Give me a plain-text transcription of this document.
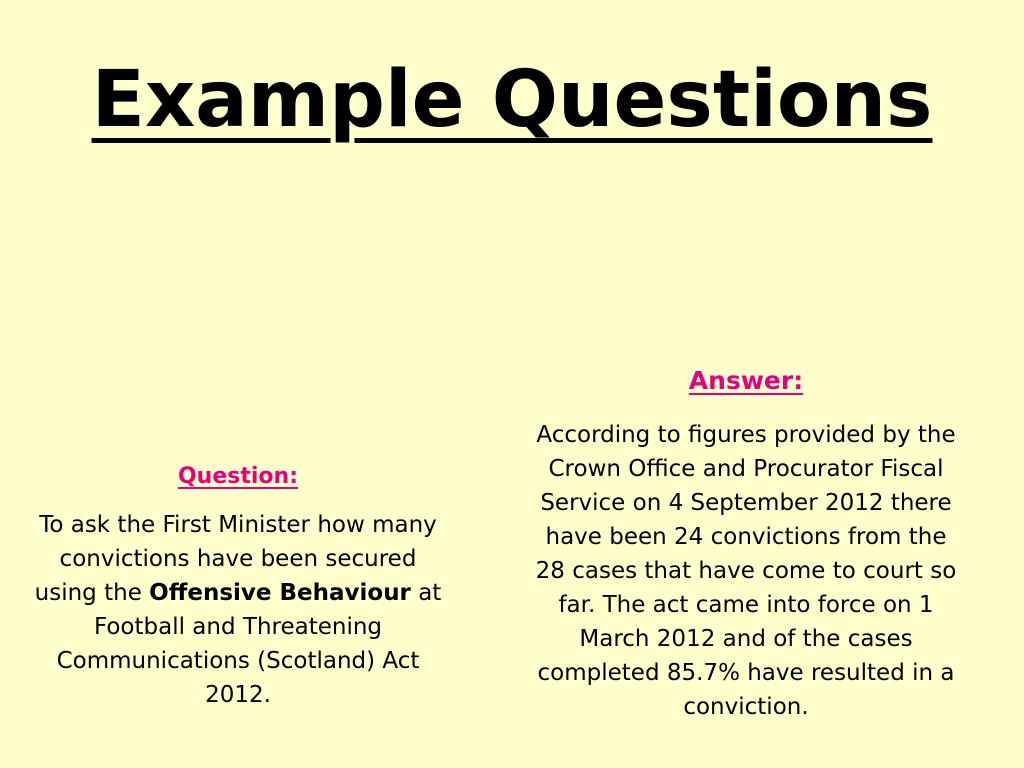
Example Questions
Question:
To ask the First Minister how many convictions have been secured using the Offensive Behaviour at Football and Threatening Communications (Scotland) Act 2012.
Answer:
According to figures provided by the Crown Office and Procurator Fiscal Service on 4 September 2012 there have been 24 convictions from the 28 cases that have come to court so far. The act came into force on 1 March 2012 and of the cases completed 85.7% have resulted in a conviction.
